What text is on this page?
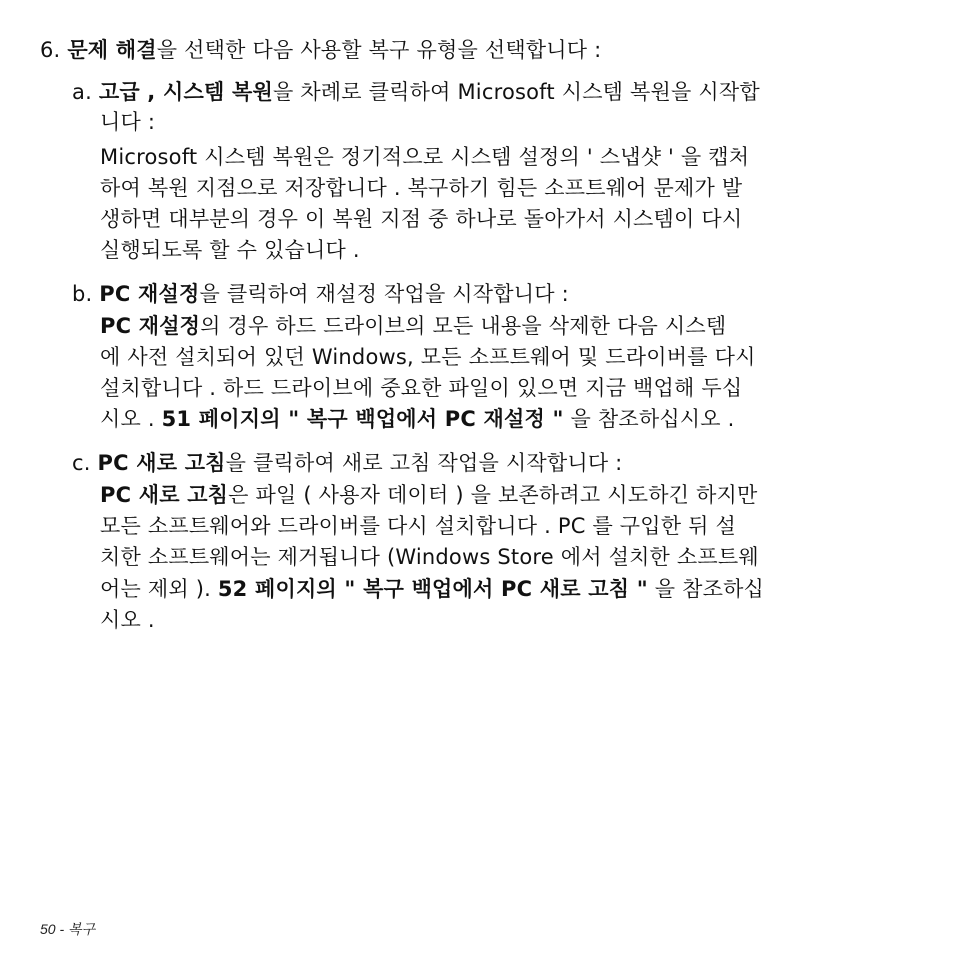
6. 문제 해결을 선택한 다음 사용할 복구 유형을 선택합니다 :
a. 고급 , 시스템 복원을 차례로 클릭하여 Microsoft 시스템 복원을 시작합
니다 :
Microsoft 시스템 복원은 정기적으로 시스템 설정의 ' 스냅샷 ' 을 캡처
하여 복원 지점으로 저장합니다 . 복구하기 힘든 소프트웨어 문제가 발
생하면 대부분의 경우 이 복원 지점 중 하나로 돌아가서 시스템이 다시
실행되도록 할 수 있습니다 .
b. PC 재설정을 클릭하여 재설정 작업을 시작합니다 :
PC 재설정의 경우 하드 드라이브의 모든 내용을 삭제한 다음 시스템
에 사전 설치되어 있던 Windows, 모든 소프트웨어 및 드라이버를 다시
설치합니다 . 하드 드라이브에 중요한 파일이 있으면 지금 백업해 두십
시오 . 51 페이지의 " 복구 백업에서 PC 재설정 " 을 참조하십시오 .
c. PC 새로 고침을 클릭하여 새로 고침 작업을 시작합니다 :
PC 새로 고침은 파일 ( 사용자 데이터 ) 을 보존하려고 시도하긴 하지만
모든 소프트웨어와 드라이버를 다시 설치합니다 . PC 를 구입한 뒤 설
치한 소프트웨어는 제거됩니다 (Windows Store 에서 설치한 소프트웨
어는 제외 ). 52 페이지의 " 복구 백업에서 PC 새로 고침 " 을 참조하십
시오 .
50 - 복구
